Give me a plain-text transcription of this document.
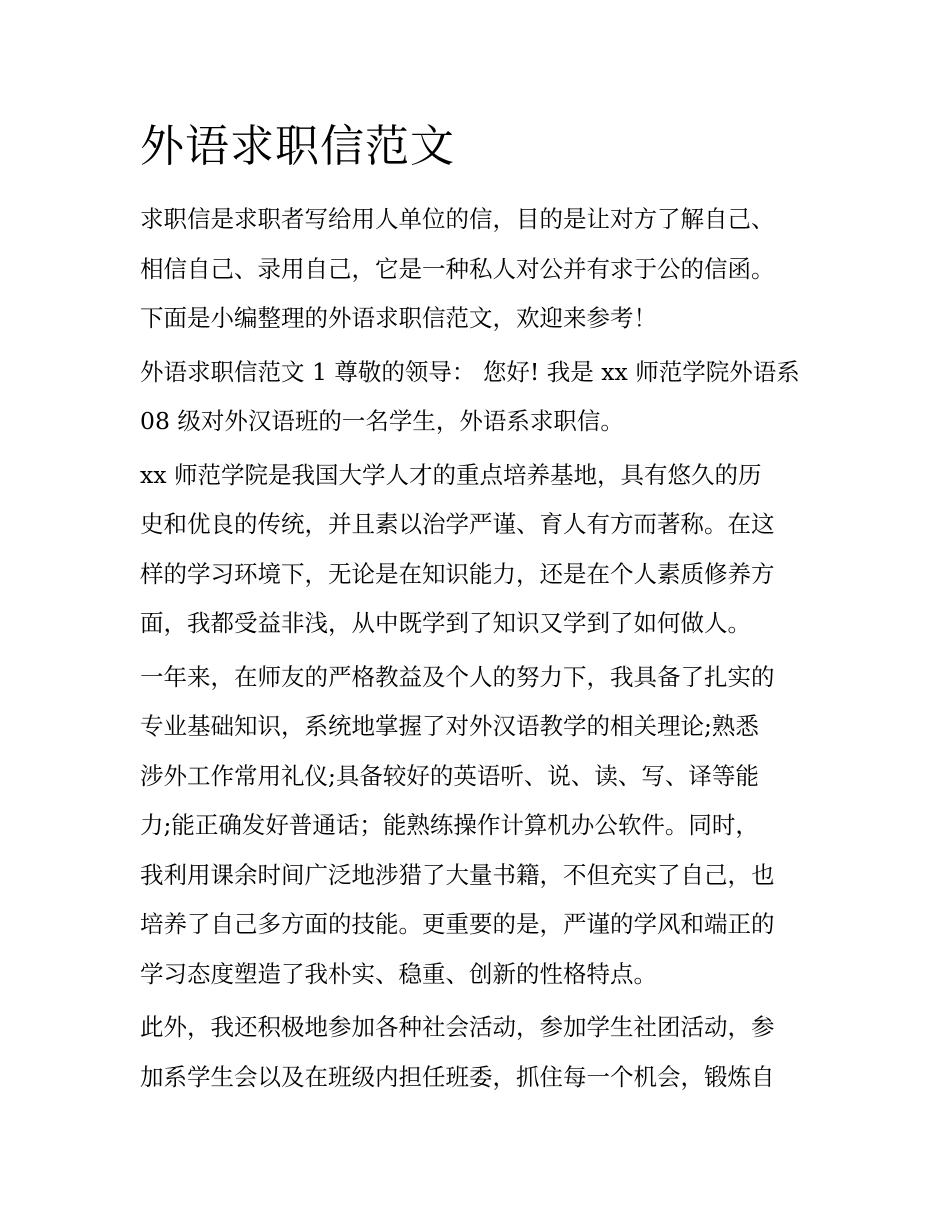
外语求职信范文

求职信是求职者写给用人单位的信，目的是让对方了解自己、
相信自己、录用自己，它是一种私人对公并有求于公的信函。
下面是小编整理的外语求职信范文，欢迎来参考！

外语求职信范文 1 尊敬的领导： 您好! 我是 xx 师范学院外语系
08 级对外汉语班的一名学生，外语系求职信。

xx 师范学院是我国大学人才的重点培养基地，具有悠久的历
史和优良的传统，并且素以治学严谨、育人有方而著称。在这
样的学习环境下，无论是在知识能力，还是在个人素质修养方
面，我都受益非浅，从中既学到了知识又学到了如何做人。

一年来，在师友的严格教益及个人的努力下，我具备了扎实的
专业基础知识，系统地掌握了对外汉语教学的相关理论;熟悉
涉外工作常用礼仪;具备较好的英语听、说、读、写、译等能
力;能正确发好普通话；能熟练操作计算机办公软件。同时，
我利用课余时间广泛地涉猎了大量书籍，不但充实了自己，也
培养了自己多方面的技能。更重要的是，严谨的学风和端正的
学习态度塑造了我朴实、稳重、创新的性格特点。

此外，我还积极地参加各种社会活动，参加学生社团活动，参
加系学生会以及在班级内担任班委，抓住每一个机会，锻炼自
